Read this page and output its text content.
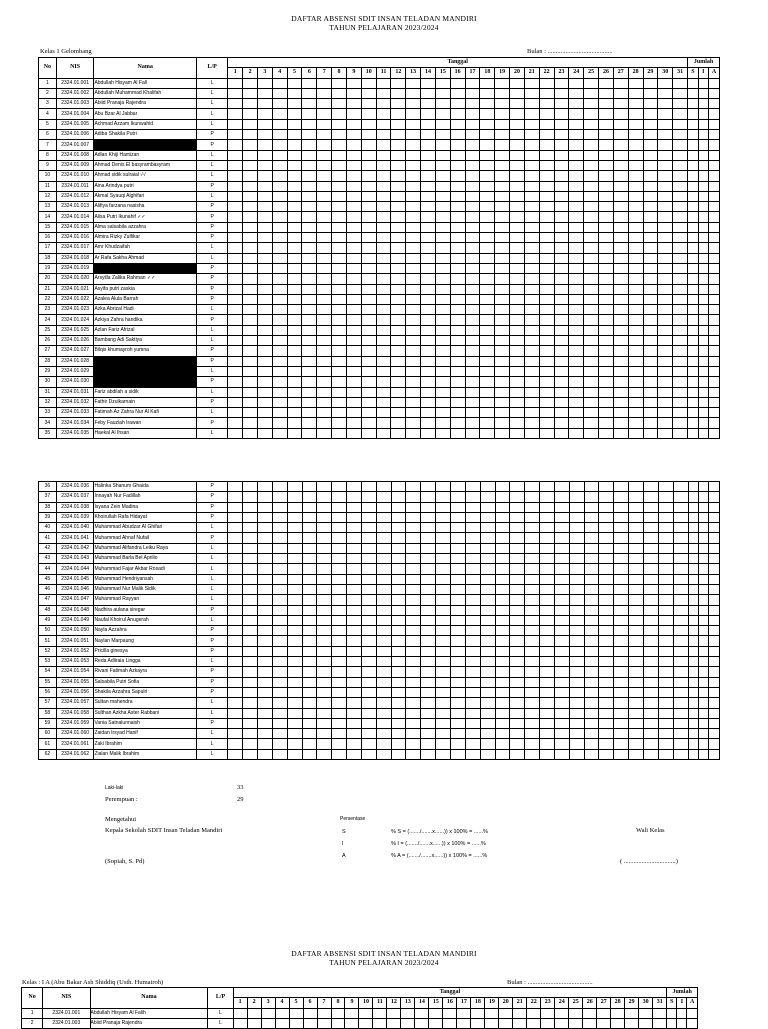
DAFTAR ABSENSI SDIT INSAN TELADAN MANDIRI
TAHUN PELAJARAN 2023/2024
Kelas 1 Gelombang	Bulan : ........................................
No	NIS	Nama	L/P	Tanggal																															Jumlah		
				1	2	3	4	5	6	7	8	9	10	11	12	13	14	15	16	17	18	19	20	21	22	23	24	25	26	27	28	29	30	31	S	I	A
1	2324.01.001	Abdullah Hisyam Al Fall	L																																		
2	2324.01.002	Abdullah Muhammad Khalifah	L																																		
3	2324.01.003	Abiid Pranaja Rajendra	L																																		
4	2324.01.004	Abu Bzar Al Jabbar	L																																		
5	2324.01.005	Achmad Azzam Ikunwahid	L																																		
6	2324.01.006	Adiba Shakila Putri	P																																		
7	2324.01.007		P																																		
8	2324.01.008	Adlan Khiji Hamizan	L																																		
9	2324.01.009	Ahmad Denis El basyrambasyram	L																																		
10	2324.01.010	Ahmad sidik sulraial √√	L																																		
11	2324.01.011	Aina Arindya putri	P																																		
12	2324.01.012	Akmal Syauqi Alghifari	L																																		
13	2324.01.013	Alifiya farzana nasisha	P																																		
14	2324.01.014	Alisa Putri Ikunahif ✓✓	P																																		
15	2324.01.015	Alma salsabila azzahra	P																																		
16	2324.01.016	Almira Rizky Zulfikar	P																																		
17	2324.01.017	Amr Khudzaifah	L																																		
18	2324.01.018	Ar Rafa Sakha Ahmad	L																																		
19	2324.01.019		P																																		
20	2324.01.020	Arsyilla Zalika Rahman ✓✓	P																																		
21	2324.01.021	Asyifa putri zaskia	P																																		
22	2324.01.022	Azalea Alula Barrah	P																																		
23	2324.01.023	Azka Abrizal Hadi	L																																		
24	2324.01.024	Azkiya Zahra handika	P																																		
25	2324.01.025	Azlan Fariz Afrizal	L																																		
26	2324.01.026	Bambang Adi Saktiya	L																																		
27	2324.01.027	Bilqis khumayroh yumna	P																																		
28	2324.01.028		P																																		
29	2324.01.029		L																																		
30	2324.01.030		P																																		
31	2324.01.031	Fariz abdilah a sidik	L																																		
32	2324.01.032	Fathir Dzulkarnain	P																																		
33	2324.01.033	Fatimah Az Zahra Nur Al Kafi	L																																		
34	2324.01.034	Feby Fauziah Irawan	P																																		
35	2324.01.035	Haekal Al Ihsan	L																																		
36	2324.01.036	Halinka Shanum Ghaida	P																																		
37	2324.01.037	Innayah Nur Fadillah	P																																		
38	2324.01.038	Isyana Zein Madina	P																																		
39	2324.01.039	Khoirullah Rafa Hidayat	P																																		
40	2324.01.040	Muhammad Abudzar Al Ghifari	L																																		
41	2324.01.041	Muhammad Ahnaf Nufail	P																																		
42	2324.01.042	Muhammad Alifandra Leiku Raya	L																																		
43	2324.01.043	Muhammad Barla Bel Aprilio	L																																		
44	2324.01.044	Muhammad Fajar Akbar Rosadi	L																																		
45	2324.01.045	Muhammad Hendriyansah	L																																		
46	2324.01.046	Muhammad Nur Malik Sidik	L																																		
47	2324.01.047	Muhammad Rayyan	L																																		
48	2324.01.048	Nadhira aulana siregar	P																																		
49	2324.01.049	Naufal Khoirul Anugerah	L																																		
50	2324.01.050	Nayla Azzahra	P																																		
51	2324.01.051	Naylan Marpaung	P																																		
52	2324.01.052	Pricilla ginesya	P																																		
53	2324.01.053	Reda Adliraia Lingga	L																																		
54	2324.01.054	Rivani Fatimah Azkayra	P																																		
55	2324.01.055	Salsabila Putri Sofia	P																																		
56	2324.01.056	Shakila Azzahra Sapulri	P																																		
57	2324.01.057	Sultan mahendra	L																																		
58	2324.01.058	Sulthan Azkha Aster Rabbani	L																																		
59	2324.01.059	Vania Satnalunnaish	P																																		
60	2324.01.060	Zaidan Irsyad Hanif	L																																		
61	2324.01.061	Zaki Ibrahim	L																																		
62	2324.01.062	Zialan Malik Ibrahim	L																																		
Laki-laki	33
Perempuan :	29
Mengetahui
Kepala Sekolah SDIT Insan Teladan Mandiri
(Sopiah, S. Pd)
Persentase
S	% S = (......./.......x......)) x 100% = ......%
I	% I = (......./.......x......)) x 100% = ......%
A	% A = (......./.......x......)) x 100% = ......%
Wali Kelas
( ................................)
DAFTAR ABSENSI SDIT INSAN TELADAN MANDIRI
TAHUN PELAJARAN 2023/2024
Kelas : I A (Abu Bakar Ash Shiddiq (Usth. Humairoh)	Bulan : ........................................
No	NIS	Nama	L/P	Tanggal																															Jumlah		
				1	2	3	4	5	6	7	8	9	10	11	12	13	14	15	16	17	18	19	20	21	22	23	24	25	26	27	28	29	30	31	S	I	A
1	2324.01.001	Abdullah Hisyam Al Falih	L																																		
2	2324.01.003	Abiid Pranaja Rajendra	L																																		
